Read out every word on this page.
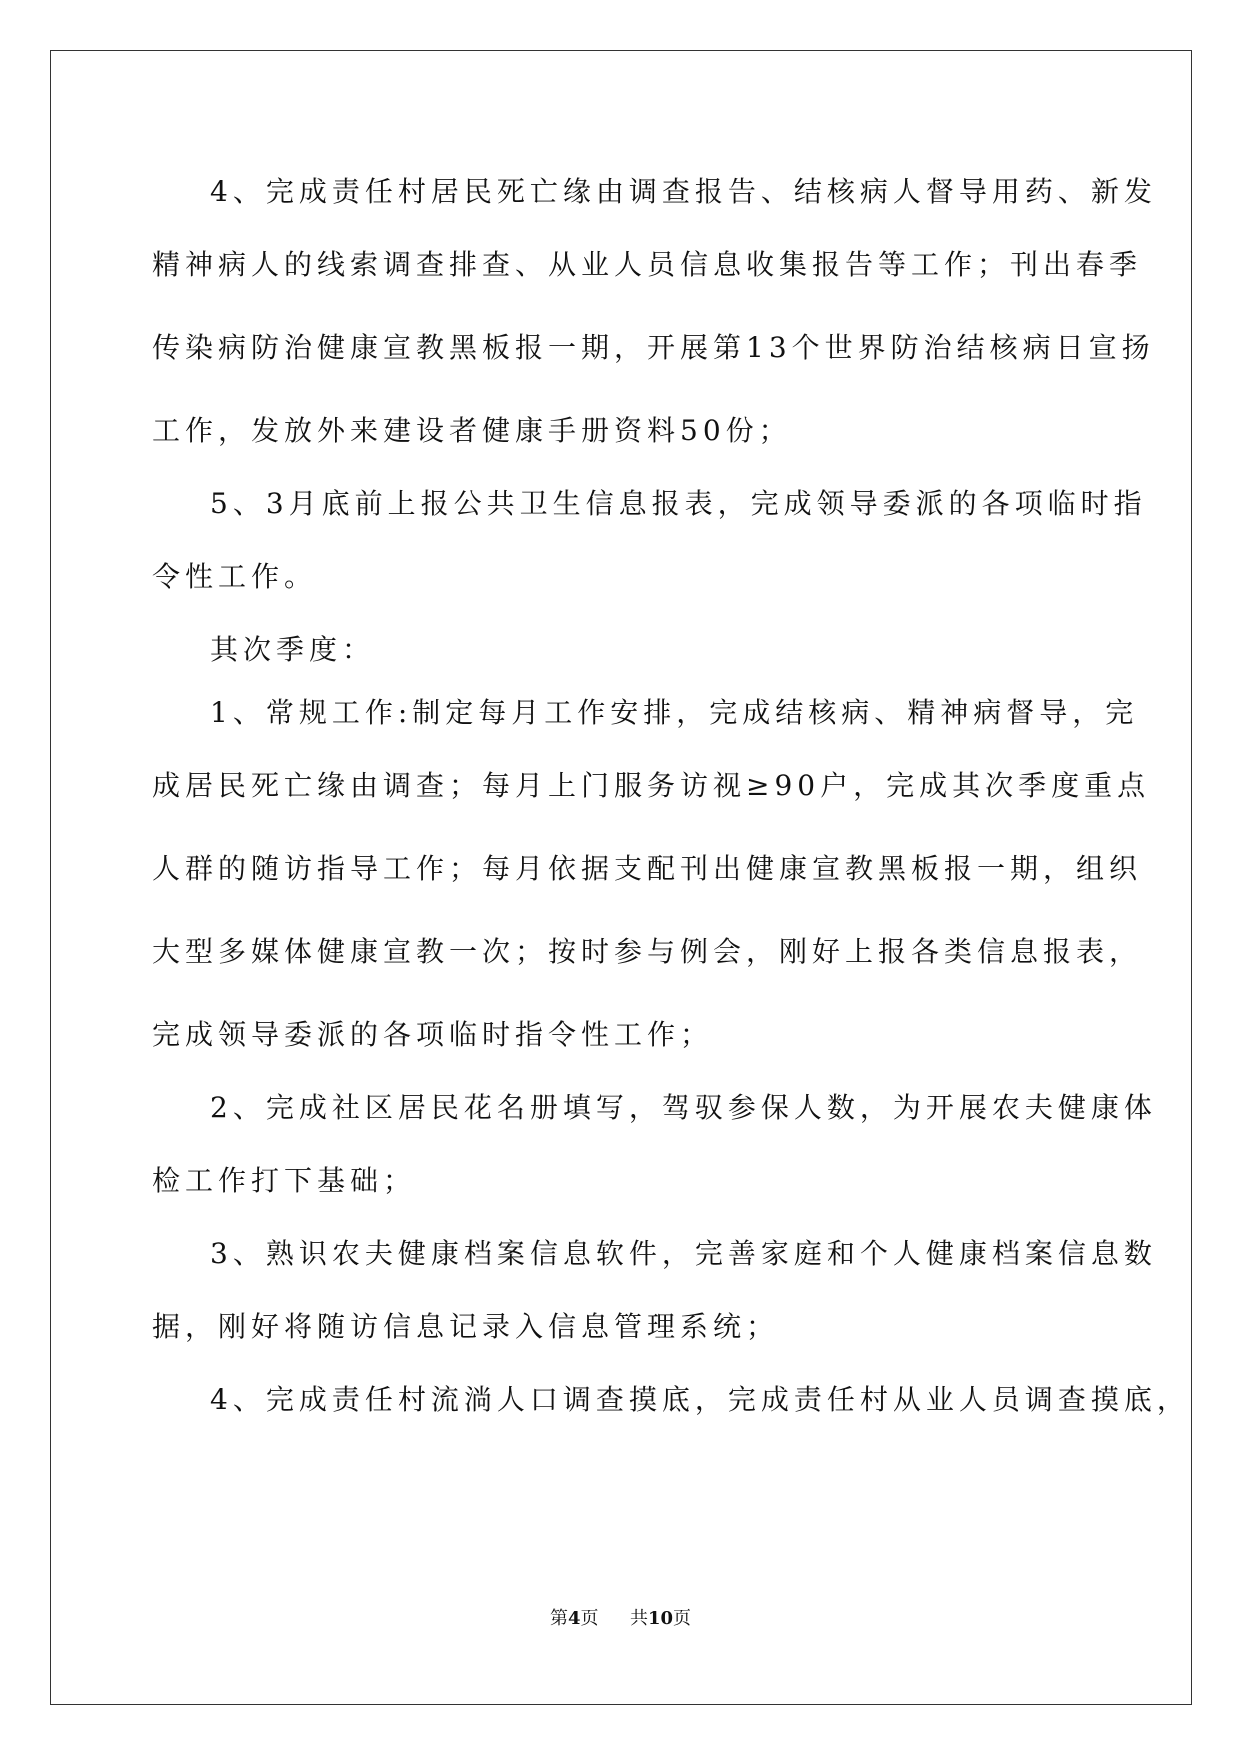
4、完成责任村居民死亡缘由调查报告、结核病人督导用药、新发
精神病人的线索调查排查、从业人员信息收集报告等工作；刊出春季
传染病防治健康宣教黑板报一期，开展第13个世界防治结核病日宣扬
工作，发放外来建设者健康手册资料50份；
5、3月底前上报公共卫生信息报表，完成领导委派的各项临时指
令性工作。
其次季度：
1、常规工作:制定每月工作安排，完成结核病、精神病督导，完
成居民死亡缘由调查；每月上门服务访视≥90户，完成其次季度重点
人群的随访指导工作；每月依据支配刊出健康宣教黑板报一期，组织
大型多媒体健康宣教一次；按时参与例会，刚好上报各类信息报表，
完成领导委派的各项临时指令性工作；
2、完成社区居民花名册填写，驾驭参保人数，为开展农夫健康体
检工作打下基础；
3、熟识农夫健康档案信息软件，完善家庭和个人健康档案信息数
据，刚好将随访信息记录入信息管理系统；
4、完成责任村流淌人口调查摸底，完成责任村从业人员调查摸底，
第4页 共10页
